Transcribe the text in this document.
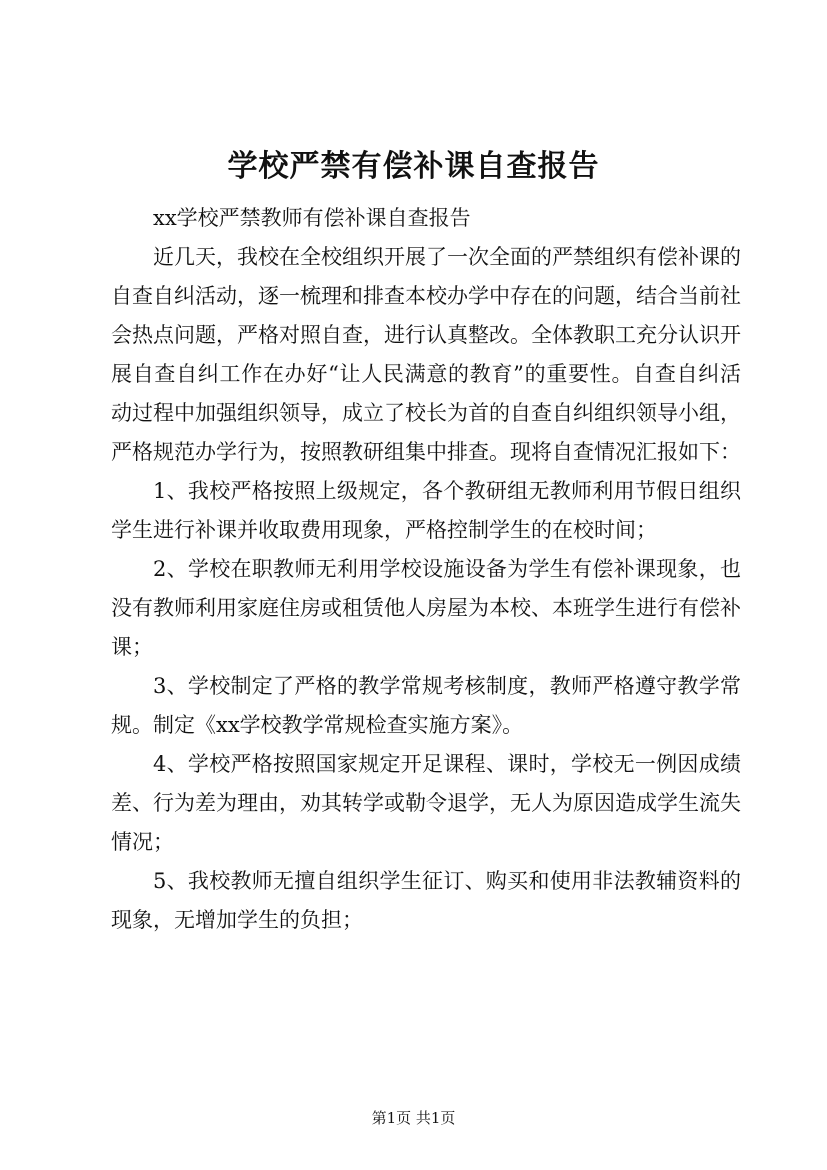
学校严禁有偿补课自查报告

xx学校严禁教师有偿补课自查报告

近几天，我校在全校组织开展了一次全面的严禁组织有偿补课的自查自纠活动，逐一梳理和排查本校办学中存在的问题，结合当前社会热点问题，严格对照自查，进行认真整改。全体教职工充分认识开展自查自纠工作在办好“让人民满意的教育”的重要性。自查自纠活动过程中加强组织领导，成立了校长为首的自查自纠组织领导小组，严格规范办学行为，按照教研组集中排查。现将自查情况汇报如下：

1、我校严格按照上级规定，各个教研组无教师利用节假日组织学生进行补课并收取费用现象，严格控制学生的在校时间；

2、学校在职教师无利用学校设施设备为学生有偿补课现象，也没有教师利用家庭住房或租赁他人房屋为本校、本班学生进行有偿补课；

3、学校制定了严格的教学常规考核制度，教师严格遵守教学常规。制定《xx学校教学常规检查实施方案》。

4、学校严格按照国家规定开足课程、课时，学校无一例因成绩差、行为差为理由，劝其转学或勒令退学，无人为原因造成学生流失情况；

5、我校教师无擅自组织学生征订、购买和使用非法教辅资料的现象，无增加学生的负担；

第1页 共1页
